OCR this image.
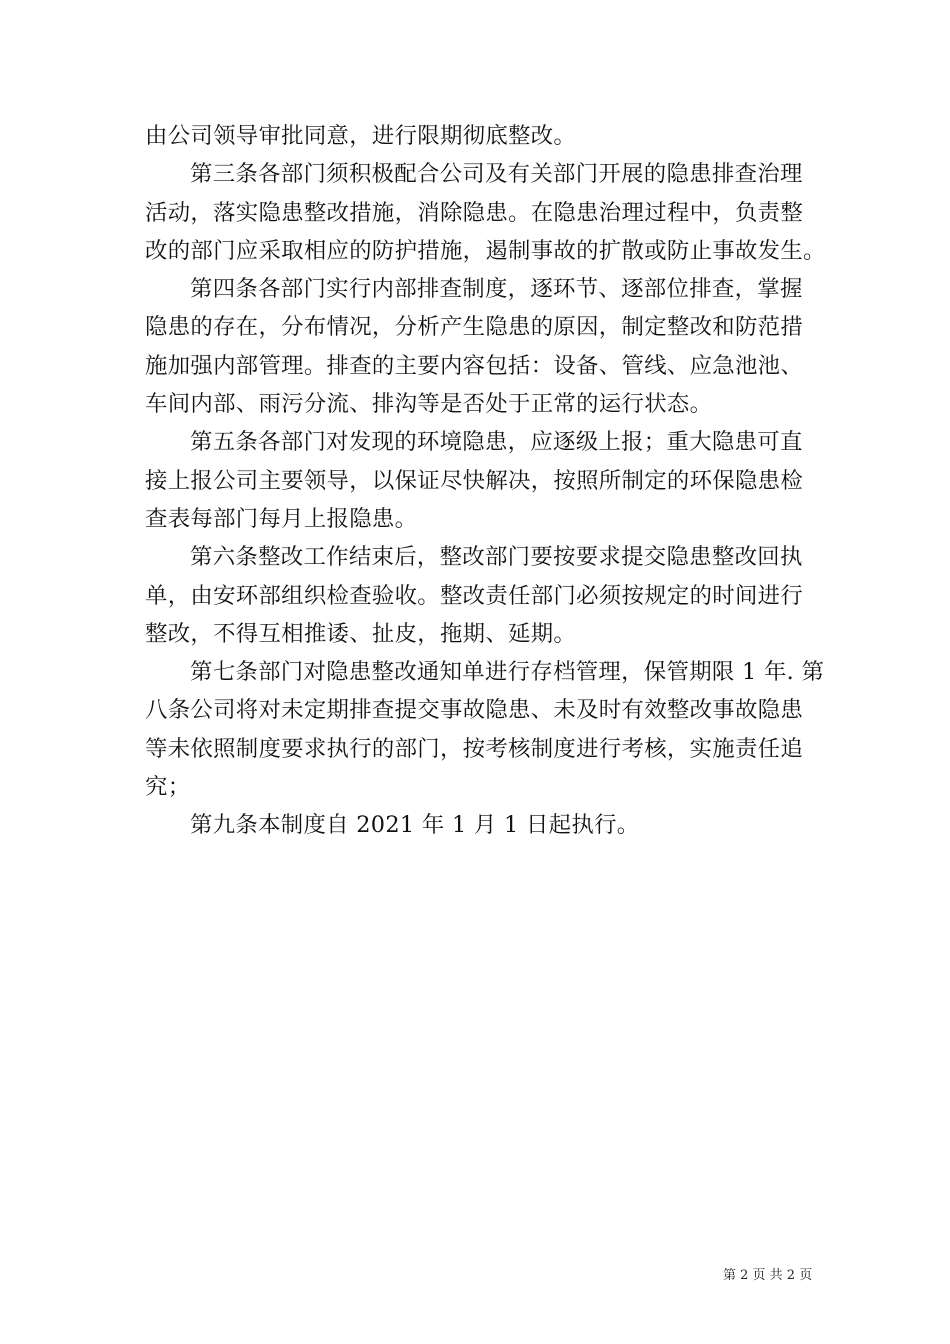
由公司领导审批同意，进行限期彻底整改。
第三条各部门须积极配合公司及有关部门开展的隐患排查治理
活动，落实隐患整改措施，消除隐患。在隐患治理过程中，负责整
改的部门应采取相应的防护措施，遏制事故的扩散或防止事故发生。
第四条各部门实行内部排查制度，逐环节、逐部位排查，掌握
隐患的存在，分布情况，分析产生隐患的原因，制定整改和防范措
施加强内部管理。排查的主要内容包括：设备、管线、应急池池、
车间内部、雨污分流、排沟等是否处于正常的运行状态。
第五条各部门对发现的环境隐患，应逐级上报；重大隐患可直
接上报公司主要领导，以保证尽快解决，按照所制定的环保隐患检
查表每部门每月上报隐患。
第六条整改工作结束后，整改部门要按要求提交隐患整改回执
单，由安环部组织检查验收。整改责任部门必须按规定的时间进行
整改，不得互相推诿、扯皮，拖期、延期。
第七条部门对隐患整改通知单进行存档管理，保管期限 1 年. 第
八条公司将对未定期排查提交事故隐患、未及时有效整改事故隐患
等未依照制度要求执行的部门，按考核制度进行考核，实施责任追
究；
第九条本制度自 2021 年 1 月 1 日起执行。
第 2 页 共 2 页
